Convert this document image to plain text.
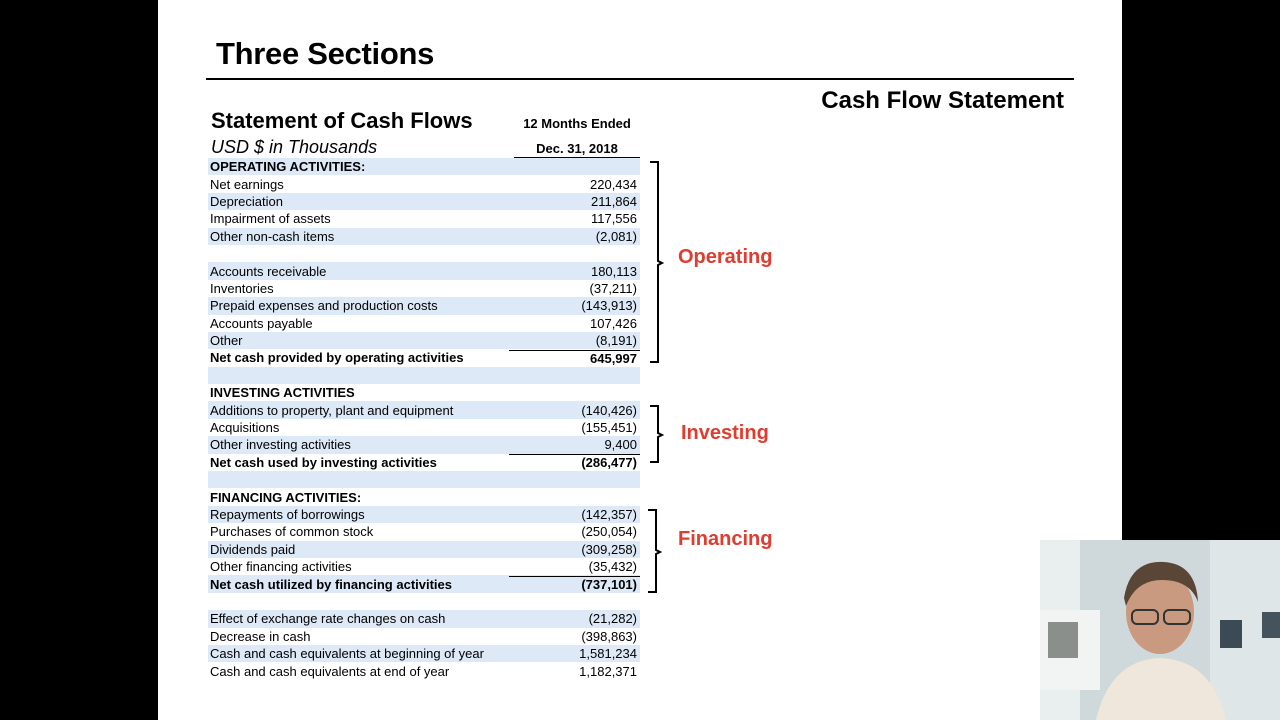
Three Sections
Cash Flow Statement
Statement of Cash Flows
USD $ in Thousands
12 Months Ended
Dec. 31, 2018
OPERATING ACTIVITIES:
Net earnings	220,434
Depreciation	211,864
Impairment of assets	117,556
Other non-cash items	(2,081)
Accounts receivable	180,113
Inventories	(37,211)
Prepaid expenses and production costs	(143,913)
Accounts payable	107,426
Other	(8,191)
Net cash provided by operating activities	645,997
INVESTING ACTIVITIES
Additions to property, plant and equipment	(140,426)
Acquisitions	(155,451)
Other investing activities	9,400
Net cash used by investing activities	(286,477)
FINANCING ACTIVITIES:
Repayments of borrowings	(142,357)
Purchases of common stock	(250,054)
Dividends paid	(309,258)
Other financing activities	(35,432)
Net cash utilized by financing activities	(737,101)
Effect of exchange rate changes on cash	(21,282)
Decrease in cash	(398,863)
Cash and cash equivalents at beginning of year	1,581,234
Cash and cash equivalents at end of year	1,182,371
Operating
Investing
Financing
